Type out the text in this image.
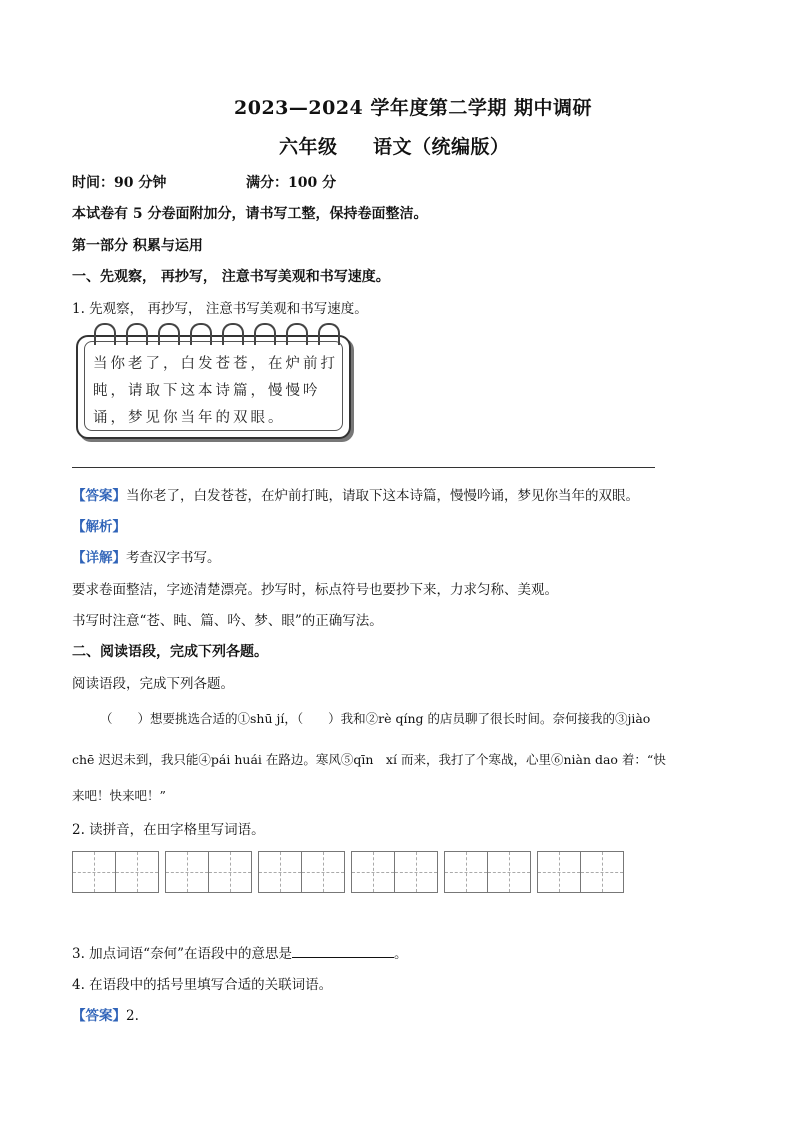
2023—2024 学年度第二学期 期中调研
六年级 语文（统编版）
时间：90 分钟	满分：100 分
本试卷有 5 分卷面附加分，请书写工整，保持卷面整洁。
第一部分 积累与运用
一、先观察， 再抄写， 注意书写美观和书写速度。
1. 先观察， 再抄写， 注意书写美观和书写速度。
当你老了，白发苍苍，在炉前打
盹，请取下这本诗篇，慢慢吟
诵，梦见你当年的双眼。
【答案】当你老了，白发苍苍，在炉前打盹，请取下这本诗篇，慢慢吟诵，梦见你当年的双眼。
【解析】
【详解】考查汉字书写。
要求卷面整洁，字迹清楚漂亮。抄写时，标点符号也要抄下来，力求匀称、美观。
书写时注意“苍、盹、篇、吟、梦、眼”的正确写法。
二、阅读语段，完成下列各题。
阅读语段，完成下列各题。
（　　）想要挑选合适的①shū jí，（　　）我和②rè qíng 的店员聊了很长时间。奈何接我的③jiào
chē 迟迟未到，我只能④pái huái 在路边。寒风⑤qīn　xí 而来，我打了个寒战，心里⑥niàn dao 着：“快
来吧！快来吧！”
2. 读拼音，在田字格里写词语。
3. 加点词语“奈何”在语段中的意思是	。
4. 在语段中的括号里填写合适的关联词语。
【答案】2.
